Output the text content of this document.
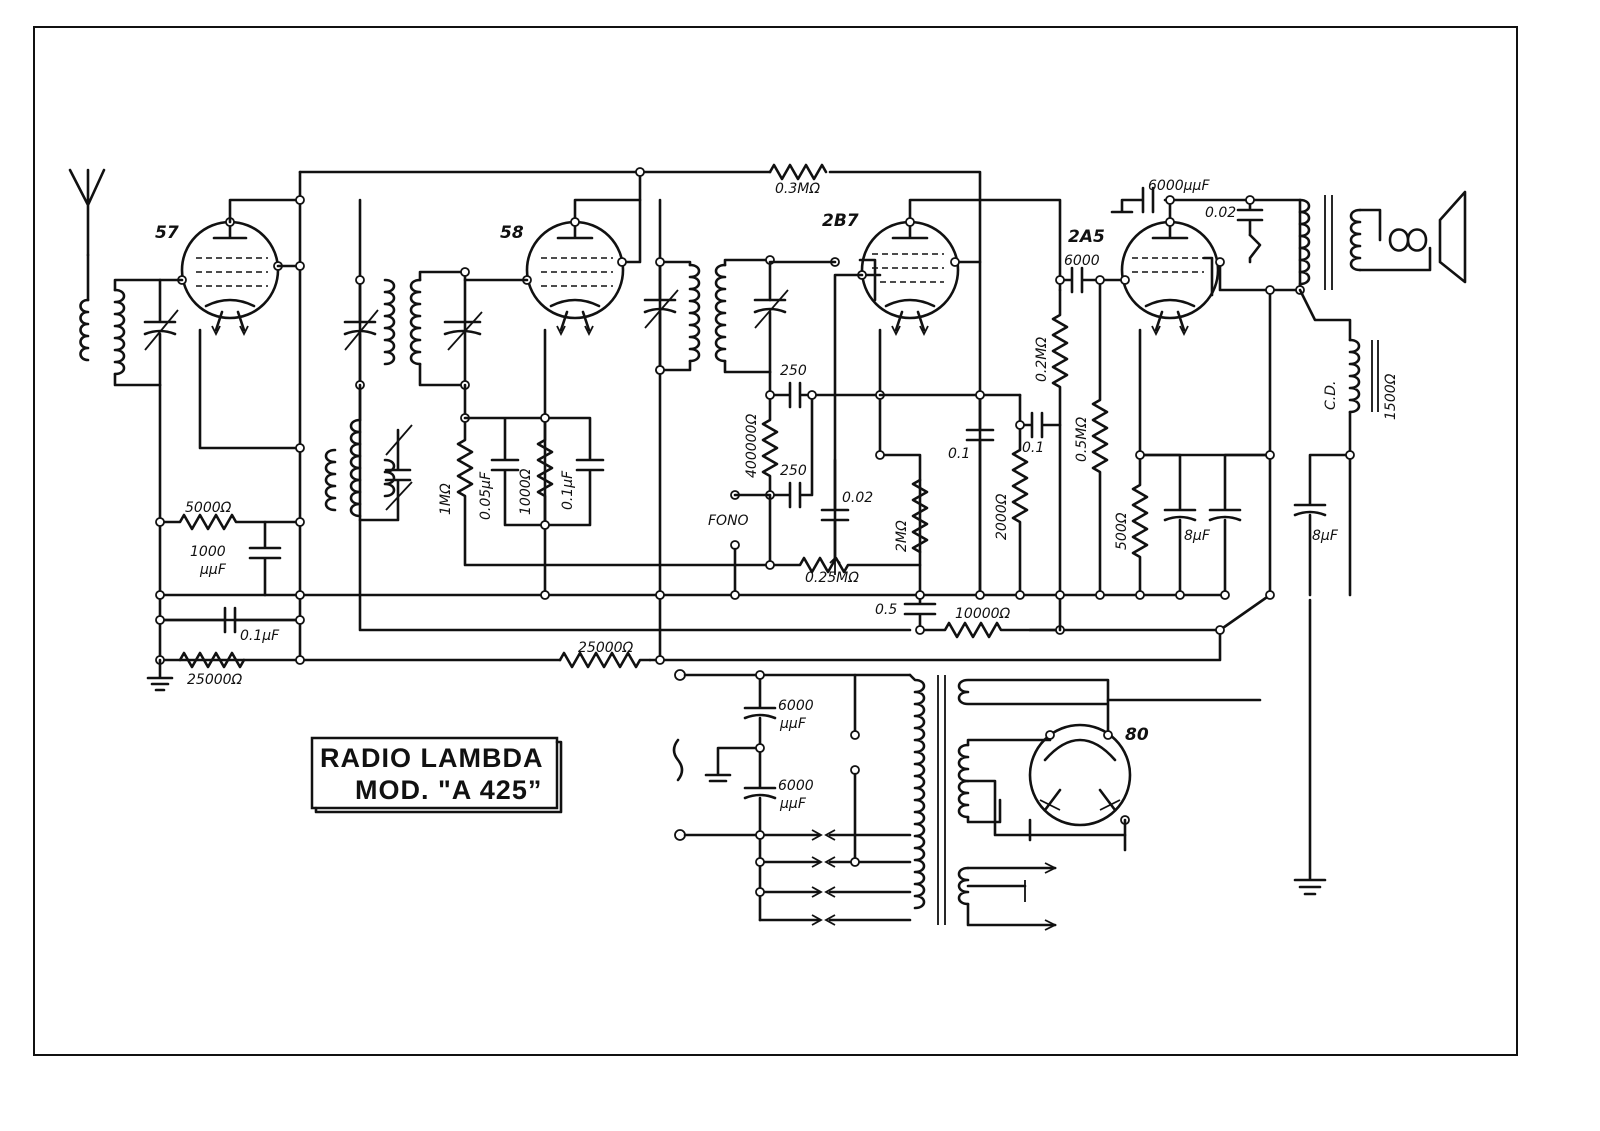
57
5000Ω
1000
µµF
0.1µF
25000Ω
58
1MΩ 0.05µF 1000Ω 0.1µF
2B7
0.3MΩ
250
250
400000Ω
FONO
0.02
0.25MΩ
2MΩ
0.5	10000Ω
0.1
2000Ω
0.1
0.2MΩ
0.5MΩ
6000
2A5
500Ω	8µF
6000µµF
0.02
C.D.	1500Ω
8µF
25000Ω
80
6000
µµF
6000
µµF
RADIO LAMBDA
MOD. "A 425”
